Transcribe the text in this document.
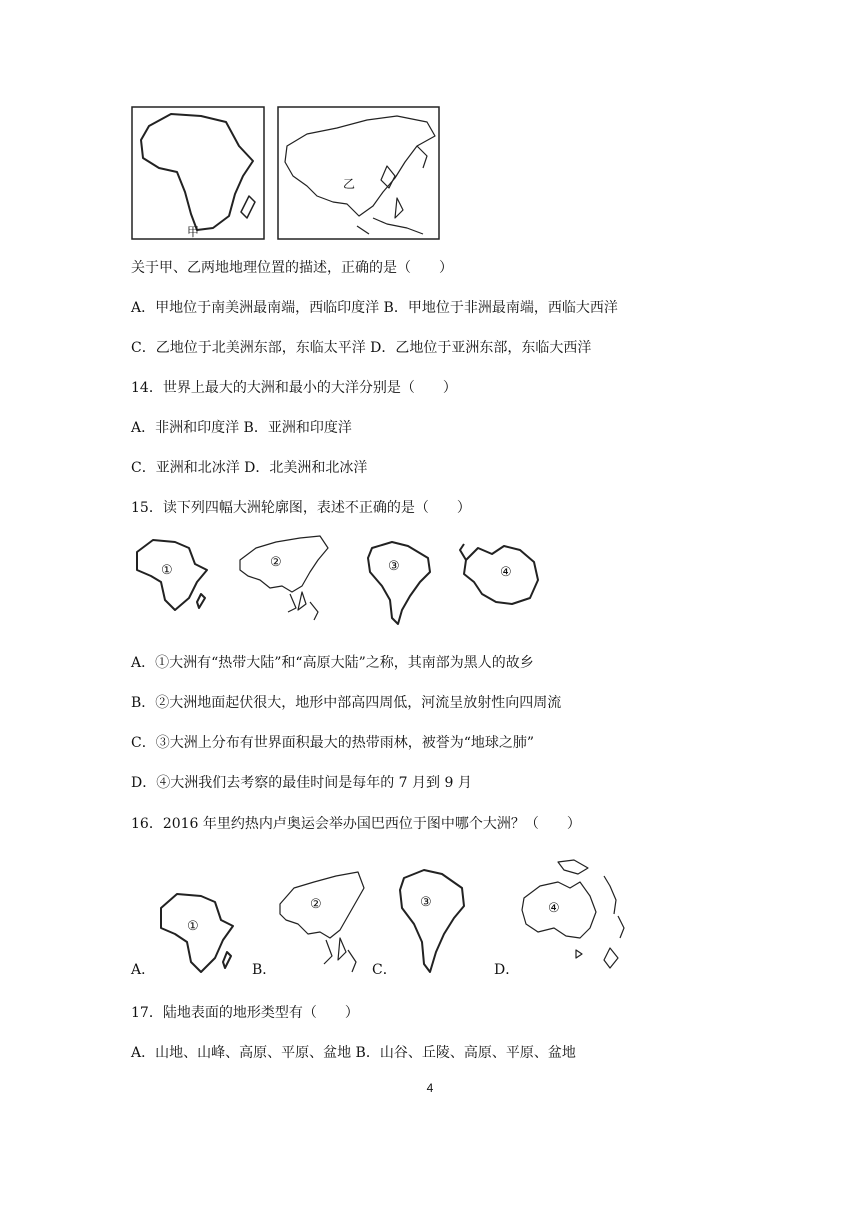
甲
乙
关于甲、乙两地地理位置的描述，正确的是（　　）
A．甲地位于南美洲最南端，西临印度洋 B．甲地位于非洲最南端，西临大西洋
C．乙地位于北美洲东部，东临太平洋 D．乙地位于亚洲东部，东临大西洋
14．世界上最大的大洲和最小的大洋分别是（　　）
A．非洲和印度洋 B．亚洲和印度洋
C．亚洲和北冰洋 D．北美洲和北冰洋
15．读下列四幅大洲轮廓图，表述不正确的是（　　）
①
②	③	④
A．①大洲有“热带大陆”和“高原大陆”之称，其南部为黑人的故乡
B．②大洲地面起伏很大，地形中部高四周低，河流呈放射性向四周流
C．③大洲上分布有世界面积最大的热带雨林，被誉为“地球之肺”
D．④大洲我们去考察的最佳时间是每年的 7 月到 9 月
16．2016 年里约热内卢奥运会举办国巴西位于图中哪个大洲？（　　）
A．
①
B．
②
C．
③
D．
④
17．陆地表面的地形类型有（　　）
A．山地、山峰、高原、平原、盆地 B．山谷、丘陵、高原、平原、盆地
4
